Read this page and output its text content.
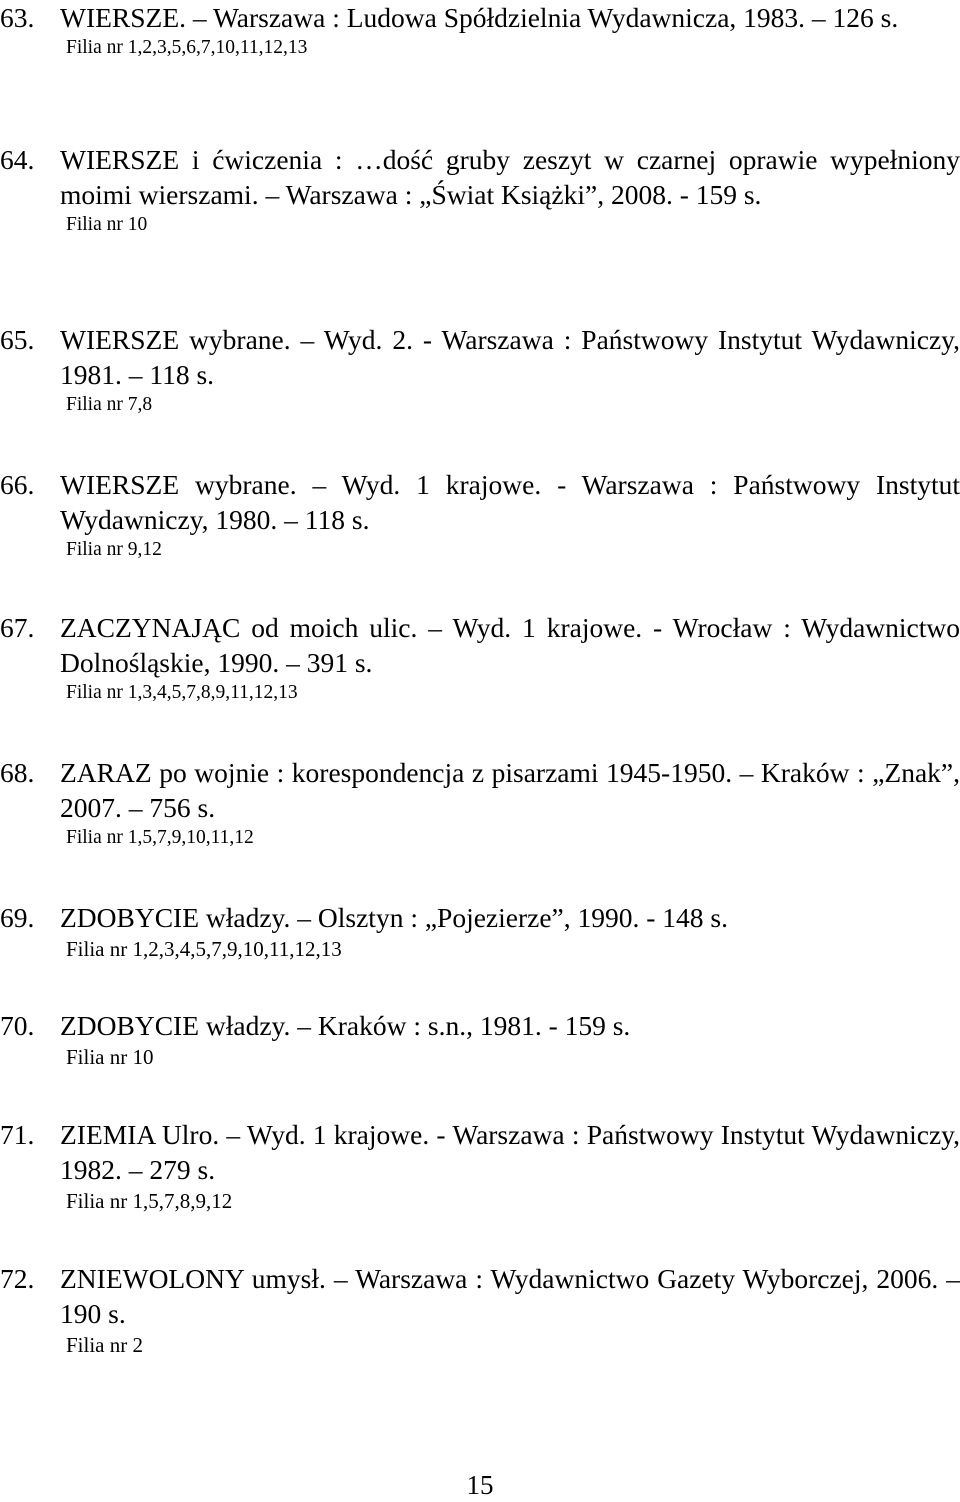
63. WIERSZE. – Warszawa : Ludowa Spółdzielnia Wydawnicza, 1983. – 126 s.
Filia nr 1,2,3,5,6,7,10,11,12,13
64. WIERSZE i ćwiczenia : …dość gruby zeszyt w czarnej oprawie wypełniony moimi wierszami. – Warszawa : „Świat Książki”, 2008. - 159 s.
Filia nr 10
65. WIERSZE wybrane. – Wyd. 2. - Warszawa : Państwowy Instytut Wydawniczy, 1981. – 118 s.
Filia nr 7,8
66. WIERSZE wybrane. – Wyd. 1 krajowe. - Warszawa : Państwowy Instytut Wydawniczy, 1980. – 118 s.
Filia nr 9,12
67. ZACZYNAJĄC od moich ulic. – Wyd. 1 krajowe. - Wrocław : Wydawnictwo Dolnośląskie, 1990. – 391 s.
Filia nr 1,3,4,5,7,8,9,11,12,13
68. ZARAZ po wojnie : korespondencja z pisarzami 1945-1950. – Kraków : „Znak”, 2007. – 756 s.
Filia nr 1,5,7,9,10,11,12
69. ZDOBYCIE władzy. – Olsztyn : „Pojezierze”, 1990. - 148 s.
Filia nr 1,2,3,4,5,7,9,10,11,12,13
70. ZDOBYCIE władzy. – Kraków : s.n., 1981. - 159 s.
Filia nr 10
71. ZIEMIA Ulro. – Wyd. 1 krajowe. - Warszawa : Państwowy Instytut Wydawniczy, 1982. – 279 s.
Filia nr 1,5,7,8,9,12
72. ZNIEWOLONY umysł. – Warszawa : Wydawnictwo Gazety Wyborczej, 2006. – 190 s.
Filia nr 2
15
